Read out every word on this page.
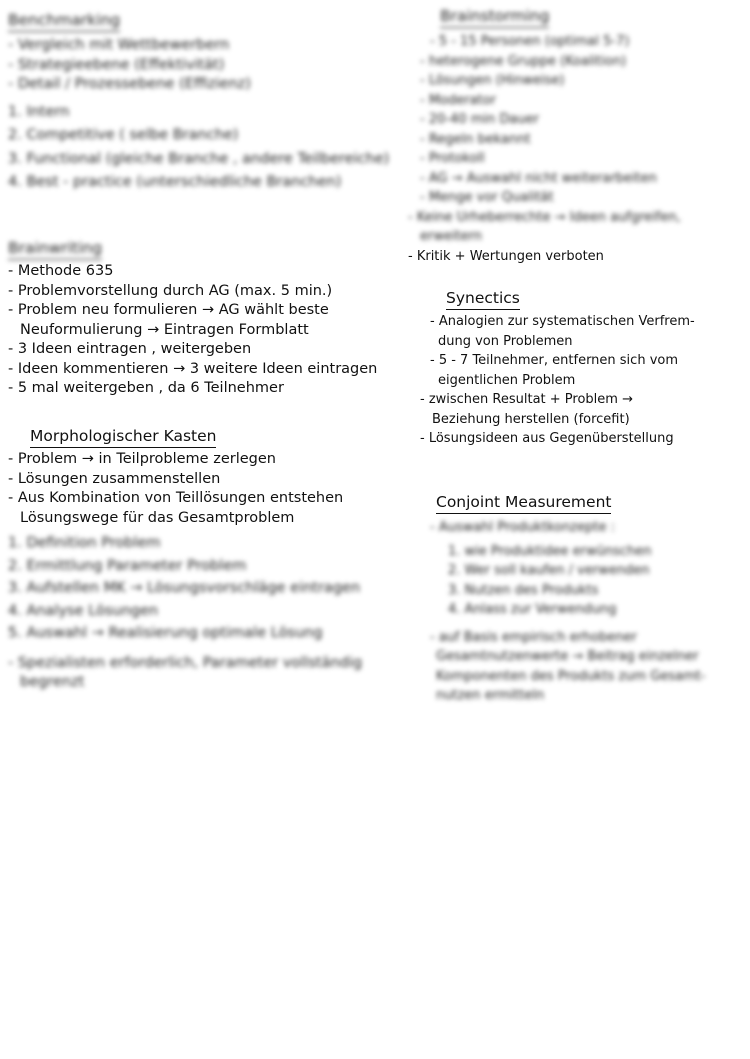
Benchmarking
- Vergleich mit Wettbewerbern
- Strategieebene (Effektivität)
- Detail / Prozessebene (Effizienz)
1. Intern
2. Competitive ( selbe Branche)
3. Functional (gleiche Branche , andere Teilbereiche)
4. Best - practice (unterschiedliche Branchen)
Brainwriting
- Methode 635
- Problemvorstellung durch AG (max. 5 min.)
- Problem neu formulieren → AG wählt beste
Neuformulierung → Eintragen Formblatt
- 3 Ideen eintragen , weitergeben
- Ideen kommentieren → 3 weitere Ideen eintragen
- 5 mal weitergeben , da 6 Teilnehmer
Morphologischer Kasten
- Problem → in Teilprobleme zerlegen
- Lösungen zusammenstellen
- Aus Kombination von Teillösungen entstehen
Lösungswege für das Gesamtproblem
1. Definition Problem
2. Ermittlung Parameter Problem
3. Aufstellen MK → Lösungsvorschläge eintragen
4. Analyse Lösungen
5. Auswahl → Realisierung optimale Lösung
- Spezialisten erforderlich, Parameter vollständig
begrenzt
Brainstorming
- 5 - 15 Personen (optimal 5-7)
- heterogene Gruppe (Koalition)
- Lösungen (Hinweise)
- Moderator
- 20-40 min Dauer
- Regeln bekannt
- Protokoll
- AG → Auswahl nicht weiterarbeiten
- Menge vor Qualität
- Keine Urheberrechte → Ideen aufgreifen,
erweitern
- Kritik + Wertungen verboten
Synectics
- Analogien zur systematischen Verfrem-
dung von Problemen
- 5 - 7 Teilnehmer, entfernen sich vom
eigentlichen Problem
- zwischen Resultat + Problem →
Beziehung herstellen (forcefit)
- Lösungsideen aus Gegenüberstellung
Conjoint Measurement
- Auswahl Produktkonzepte :
1. wie Produktidee erwünschen
2. Wer soll kaufen / verwenden
3. Nutzen des Produkts
4. Anlass zur Verwendung
- auf Basis empirisch erhobener
Gesamtnutzenwerte → Beitrag einzelner
Komponenten des Produkts zum Gesamt-
nutzen ermitteln
